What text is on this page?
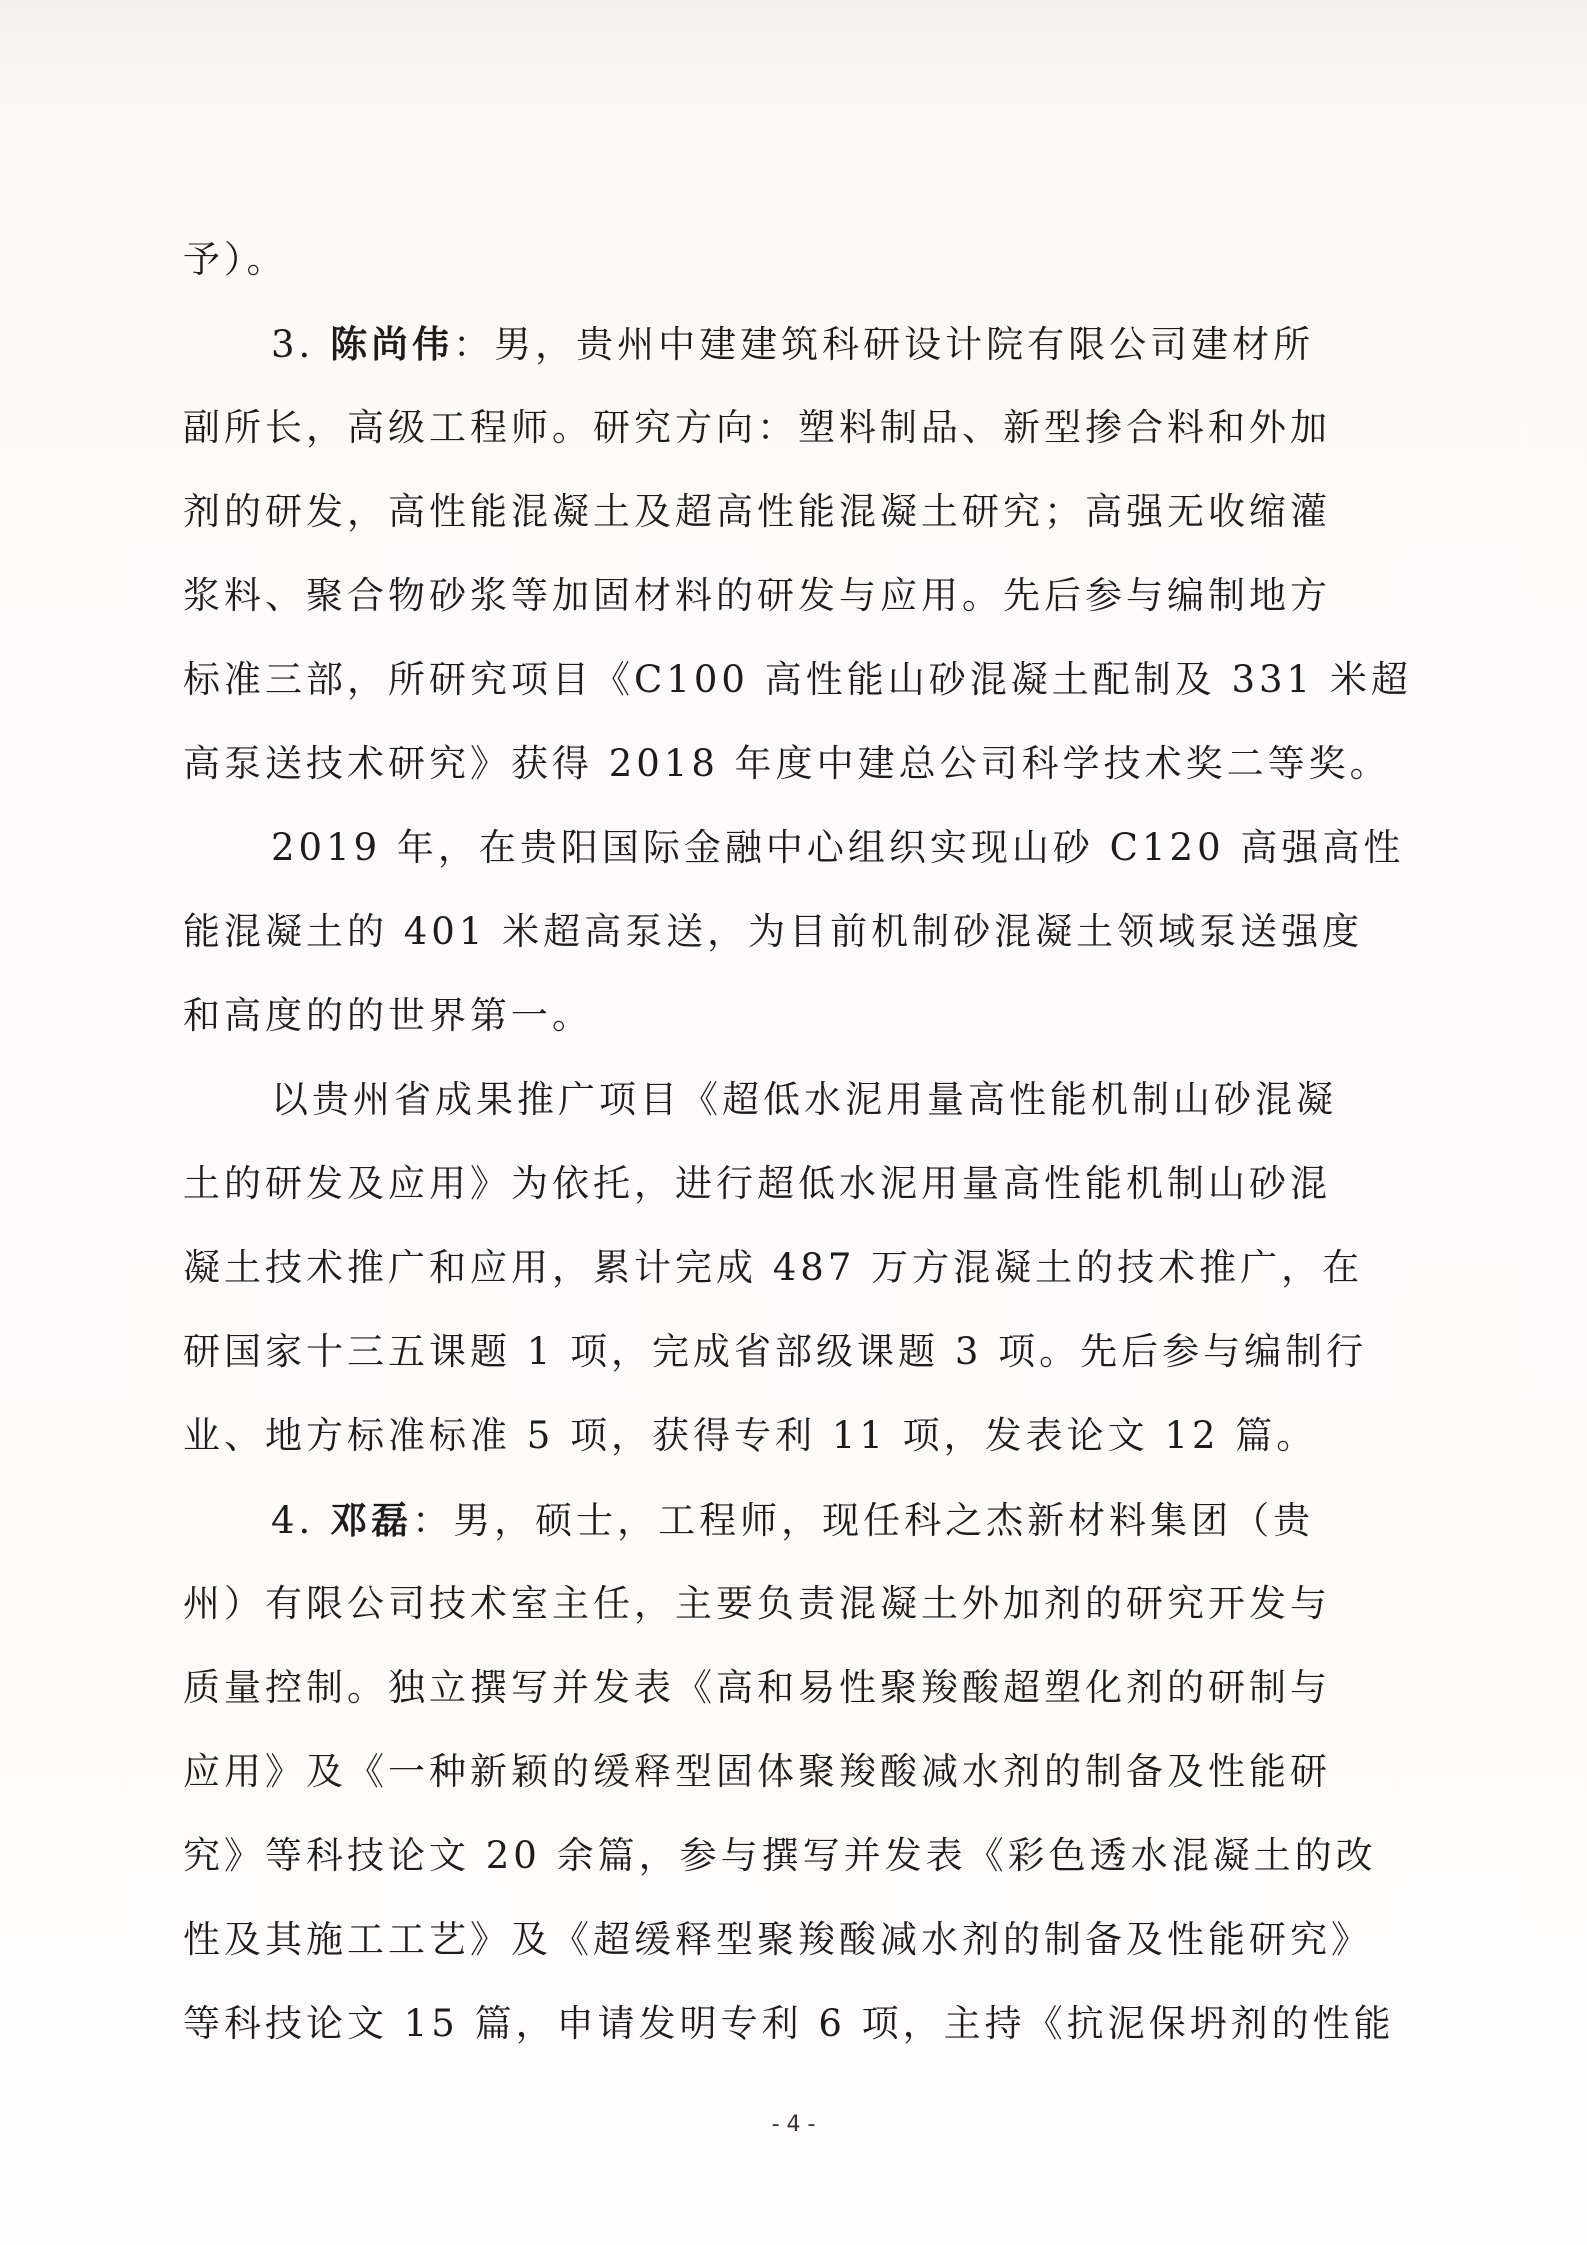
予）。
3. 陈尚伟：男，贵州中建建筑科研设计院有限公司建材所
副所长，高级工程师。研究方向：塑料制品、新型掺合料和外加
剂的研发，高性能混凝土及超高性能混凝土研究；高强无收缩灌
浆料、聚合物砂浆等加固材料的研发与应用。先后参与编制地方
标准三部，所研究项目《C100 高性能山砂混凝土配制及 331 米超
高泵送技术研究》获得 2018 年度中建总公司科学技术奖二等奖。
2019 年，在贵阳国际金融中心组织实现山砂 C120 高强高性
能混凝土的 401 米超高泵送，为目前机制砂混凝土领域泵送强度
和高度的的世界第一。
以贵州省成果推广项目《超低水泥用量高性能机制山砂混凝
土的研发及应用》为依托，进行超低水泥用量高性能机制山砂混
凝土技术推广和应用，累计完成 487 万方混凝土的技术推广，在
研国家十三五课题 1 项，完成省部级课题 3 项。先后参与编制行
业、地方标准标准 5 项，获得专利 11 项，发表论文 12 篇。
4. 邓磊：男，硕士，工程师，现任科之杰新材料集团（贵
州）有限公司技术室主任，主要负责混凝土外加剂的研究开发与
质量控制。独立撰写并发表《高和易性聚羧酸超塑化剂的研制与
应用》及《一种新颖的缓释型固体聚羧酸减水剂的制备及性能研
究》等科技论文 20 余篇，参与撰写并发表《彩色透水混凝土的改
性及其施工工艺》及《超缓释型聚羧酸减水剂的制备及性能研究》
等科技论文 15 篇，申请发明专利 6 项，主持《抗泥保坍剂的性能
- 4 -
